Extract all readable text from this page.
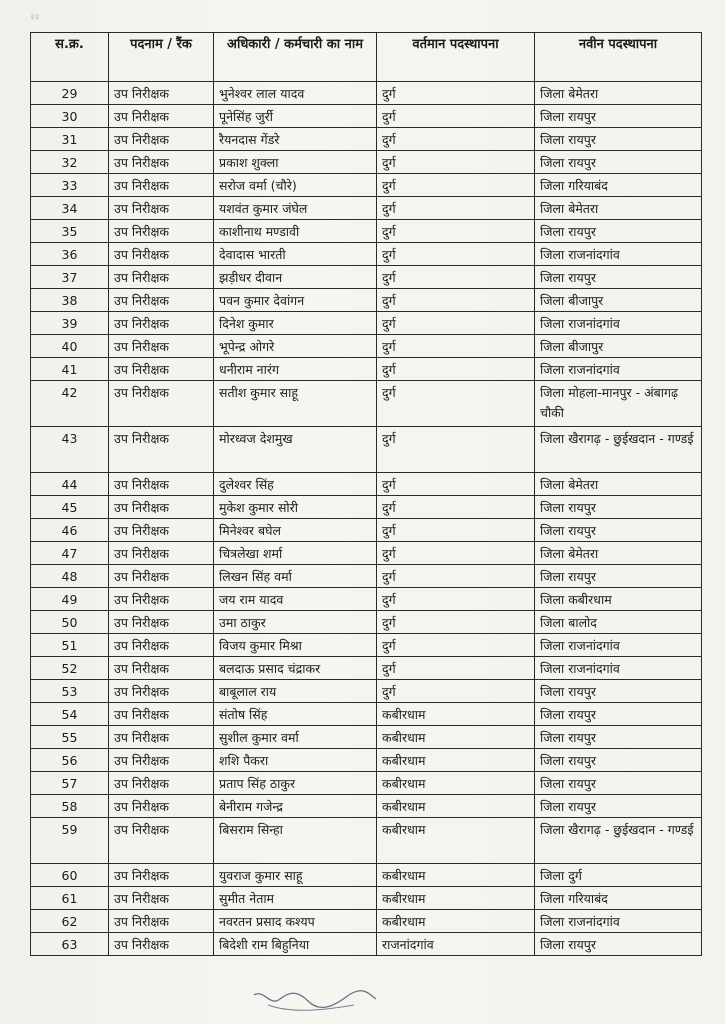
२२
स.क्र.	पदनाम / रैंक	अधिकारी / कर्मचारी का नाम	वर्तमान पदस्थापना	नवीन पदस्थापना
29	उप निरीक्षक	भुनेश्वर लाल यादव	दुर्ग	जिला बेमेतरा
30	उप निरीक्षक	पूनेसिंह जुर्री	दुर्ग	जिला रायपुर
31	उप निरीक्षक	रैयनदास गेंडरे	दुर्ग	जिला रायपुर
32	उप निरीक्षक	प्रकाश शुक्ला	दुर्ग	जिला रायपुर
33	उप निरीक्षक	सरोज वर्मा (चौरे)	दुर्ग	जिला गरियाबंद
34	उप निरीक्षक	यशवंत कुमार जंघेल	दुर्ग	जिला बेमेतरा
35	उप निरीक्षक	काशीनाथ मण्डावी	दुर्ग	जिला रायपुर
36	उप निरीक्षक	देवादास भारती	दुर्ग	जिला राजनांदगांव
37	उप निरीक्षक	झड़ीधर दीवान	दुर्ग	जिला रायपुर
38	उप निरीक्षक	पवन कुमार देवांगन	दुर्ग	जिला बीजापुर
39	उप निरीक्षक	दिनेश कुमार	दुर्ग	जिला राजनांदगांव
40	उप निरीक्षक	भूपेन्द्र ओगरे	दुर्ग	जिला बीजापुर
41	उप निरीक्षक	धनीराम नारंग	दुर्ग	जिला राजनांदगांव
42	उप निरीक्षक	सतीश कुमार साहू	दुर्ग	जिला मोहला-मानपुर - अंबागढ़ चौकी
43	उप निरीक्षक	मोरध्वज देशमुख	दुर्ग	जिला खैरागढ़ - छुईखदान - गण्डई
44	उप निरीक्षक	दुलेश्वर सिंह	दुर्ग	जिला बेमेतरा
45	उप निरीक्षक	मुकेश कुमार सोरी	दुर्ग	जिला रायपुर
46	उप निरीक्षक	मिनेश्वर बघेल	दुर्ग	जिला रायपुर
47	उप निरीक्षक	चित्रलेखा शर्मा	दुर्ग	जिला बेमेतरा
48	उप निरीक्षक	लिखन सिंह वर्मा	दुर्ग	जिला रायपुर
49	उप निरीक्षक	जय राम यादव	दुर्ग	जिला कबीरधाम
50	उप निरीक्षक	उमा ठाकुर	दुर्ग	जिला बालोद
51	उप निरीक्षक	विजय कुमार मिश्रा	दुर्ग	जिला राजनांदगांव
52	उप निरीक्षक	बलदाऊ प्रसाद चंद्राकर	दुर्ग	जिला राजनांदगांव
53	उप निरीक्षक	बाबूलाल राय	दुर्ग	जिला रायपुर
54	उप निरीक्षक	संतोष सिंह	कबीरधाम	जिला रायपुर
55	उप निरीक्षक	सुशील कुमार वर्मा	कबीरधाम	जिला रायपुर
56	उप निरीक्षक	शशि पैकरा	कबीरधाम	जिला रायपुर
57	उप निरीक्षक	प्रताप सिंह ठाकुर	कबीरधाम	जिला रायपुर
58	उप निरीक्षक	बेनीराम गजेन्द्र	कबीरधाम	जिला रायपुर
59	उप निरीक्षक	बिसराम सिन्हा	कबीरधाम	जिला खैरागढ़ - छुईखदान - गण्डई
60	उप निरीक्षक	युवराज कुमार साहू	कबीरधाम	जिला दुर्ग
61	उप निरीक्षक	सुमीत नेताम	कबीरधाम	जिला गरियाबंद
62	उप निरीक्षक	नवरतन प्रसाद कश्यप	कबीरधाम	जिला राजनांदगांव
63	उप निरीक्षक	बिदेशी राम बिहुनिया	राजनांदगांव	जिला रायपुर
